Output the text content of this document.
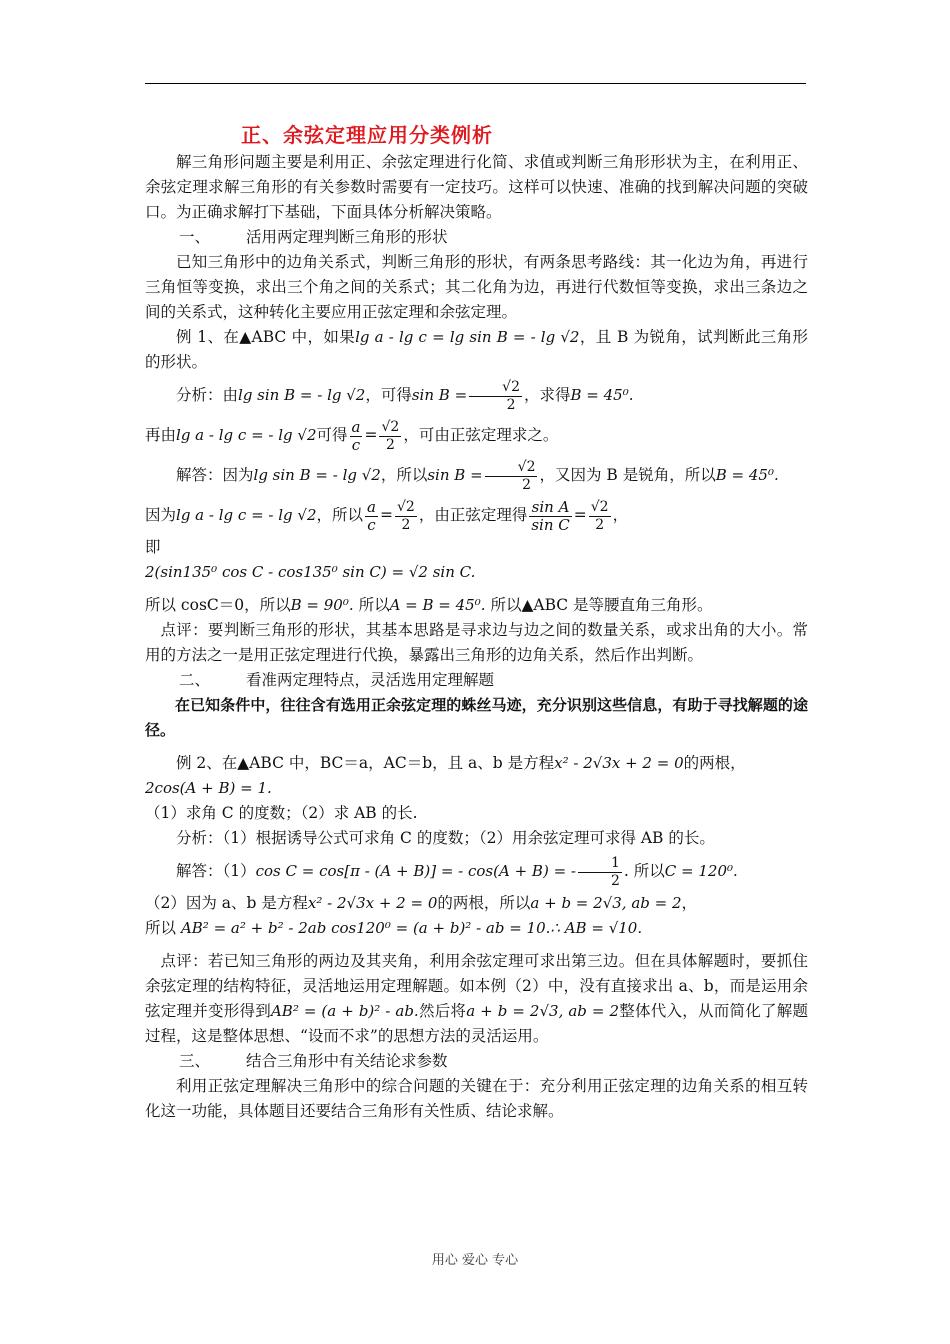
正、余弦定理应用分类例析

解三角形问题主要是利用正、余弦定理进行化简、求值或判断三角形形状为主，在利用正、余弦定理求解三角形的有关参数时需要有一定技巧。这样可以快速、准确的找到解决问题的突破口。为正确求解打下基础，下面具体分析解决策略。

一、 活用两定理判断三角形的形状

已知三角形中的边角关系式，判断三角形的形状，有两条思考路线：其一化边为角，再进行三角恒等变换，求出三个角之间的关系式；其二化角为边，再进行代数恒等变换，求出三条边之间的关系式，这种转化主要应用正弦定理和余弦定理。

例 1、在▲ABC 中，如果lg a - lg c = lg sin B = - lg √2，且 B 为锐角，试判断此三角形的形状。

分析：由lg sin B = - lg √2，可得$\sin B = \frac{√2}{2}$ ，求得B = 45⁰.

再由lg a - lg c = - lg √2可得 $\frac{a}{c} = \frac{√2}{2}$ ，可由正弦定理求之。

解答：因为lg sin B = - lg √2，所以$\sin B = \frac{√2}{2}$ ，又因为 B 是锐角，所以B = 45⁰.

因为lg a - lg c = - lg √2，所以 $\frac{a}{c} = \frac{√2}{2}$ ，由正弦定理得 $\frac{\text{sin A}}{\text{sin C}} = \frac{√2}{2}$ ，

即

2(sin135⁰ cos C - cos135⁰ sin C) = √2 sin C.

所以 cosC＝0，所以B = 90⁰. 所以A = B = 45⁰. 所以▲ABC 是等腰直角三角形。

点评：要判断三角形的形状，其基本思路是寻求边与边之间的数量关系，或求出角的大小。常用的方法之一是用正弦定理进行代换，暴露出三角形的边角关系，然后作出判断。

二、 看准两定理特点，灵活选用定理解题

在已知条件中，往往含有选用正余弦定理的蛛丝马迹，充分识别这些信息，有助于寻找解题的途径。

例 2、在▲ABC 中，BC＝a，AC＝b，且 a、b 是方程x² - 2√3x + 2 = 0的两根，

2cos(A + B) = 1.

（1）求角 C 的度数；（2）求 AB 的长.

分析：（1）根据诱导公式可求角 C 的度数；（2）用余弦定理可求得 AB 的长。

解答：（1）cos C = cos[π - (A + B)] = - cos(A + B) = - $\frac{1}{2}$ . 所以C = 120⁰.

（2）因为 a、b 是方程x² - 2√3x + 2 = 0的两根，所以a + b = 2√3, ab = 2，

所以 AB² = a² + b² - 2ab cos120⁰ = (a + b)² - ab = 10.∴ AB = √10.

点评：若已知三角形的两边及其夹角，利用余弦定理可求出第三边。但在具体解题时，要抓住余弦定理的结构特征，灵活地运用定理解题。如本例（2）中，没有直接求出 a、b，而是运用余弦定理并变形得到AB² = (a + b)² - ab.然后将a + b = 2√3, ab = 2整体代入，从而简化了解题过程，这是整体思想、“设而不求”的思想方法的灵活运用。

三、 结合三角形中有关结论求参数

利用正弦定理解决三角形中的综合问题的关键在于：充分利用正弦定理的边角关系的相互转化这一功能，具体题目还要结合三角形有关性质、结论求解。

用心 爱心 专心
